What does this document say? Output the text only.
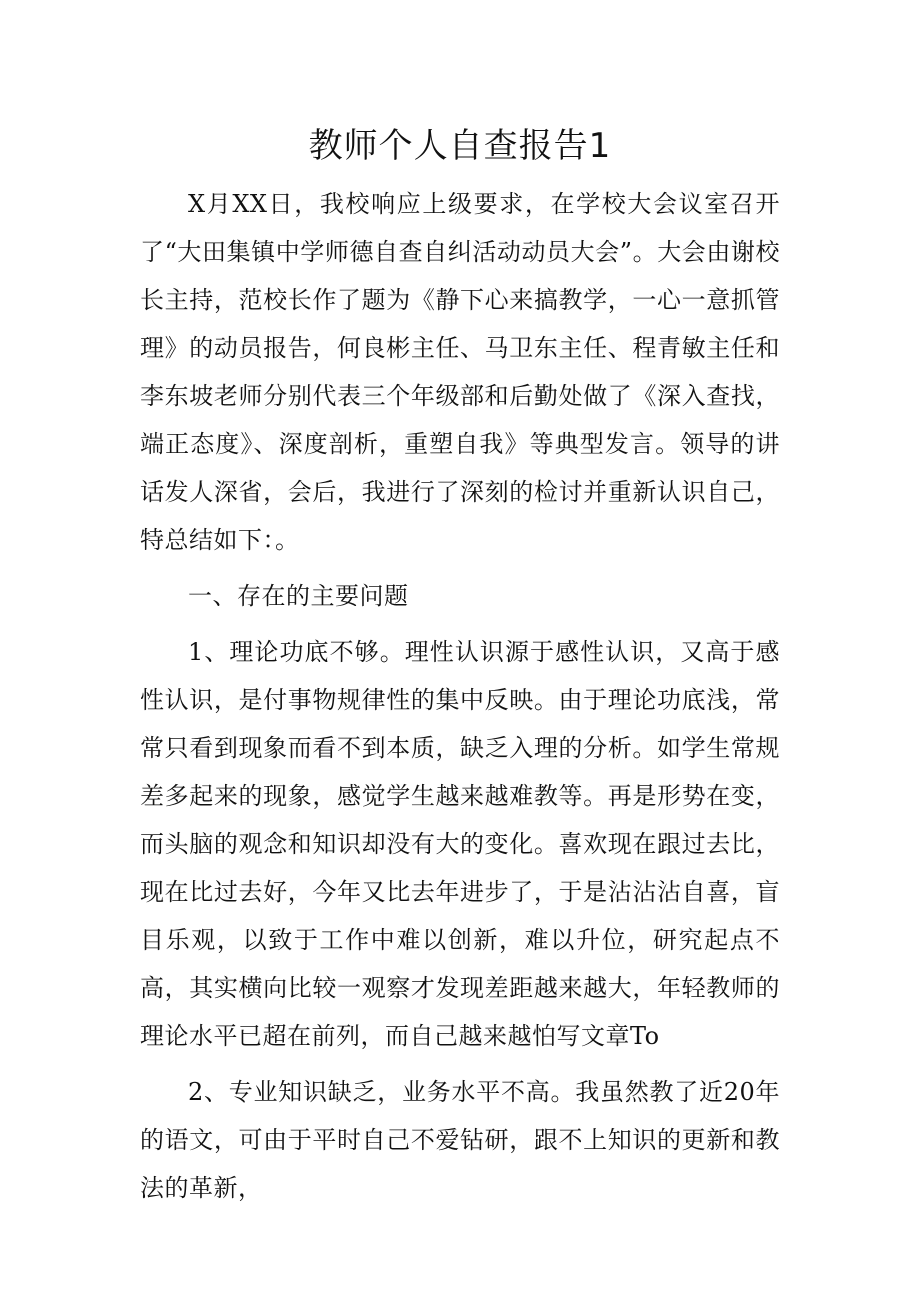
教师个人自查报告1

X月XX日，我校响应上级要求，在学校大会议室召开了“大田集镇中学师德自查自纠活动动员大会”。大会由谢校长主持，范校长作了题为《静下心来搞教学，一心一意抓管理》的动员报告，何良彬主任、马卫东主任、程青敏主任和李东坡老师分别代表三个年级部和后勤处做了《深入查找，端正态度》、深度剖析，重塑自我》等典型发言。领导的讲话发人深省，会后，我进行了深刻的检讨并重新认识自己，特总结如下：。

一、存在的主要问题

1、理论功底不够。理性认识源于感性认识，又高于感性认识，是付事物规律性的集中反映。由于理论功底浅，常常只看到现象而看不到本质，缺乏入理的分析。如学生常规差多起来的现象，感觉学生越来越难教等。再是形势在变，而头脑的观念和知识却没有大的变化。喜欢现在跟过去比，现在比过去好，今年又比去年进步了，于是沾沾沾自喜，盲目乐观，以致于工作中难以创新，难以升位，研究起点不高，其实横向比较一观察才发现差距越来越大，年轻教师的理论水平已超在前列，而自己越来越怕写文章To

2、专业知识缺乏，业务水平不高。我虽然教了近20年的语文，可由于平时自己不爱钻研，跟不上知识的更新和教法的革新，
